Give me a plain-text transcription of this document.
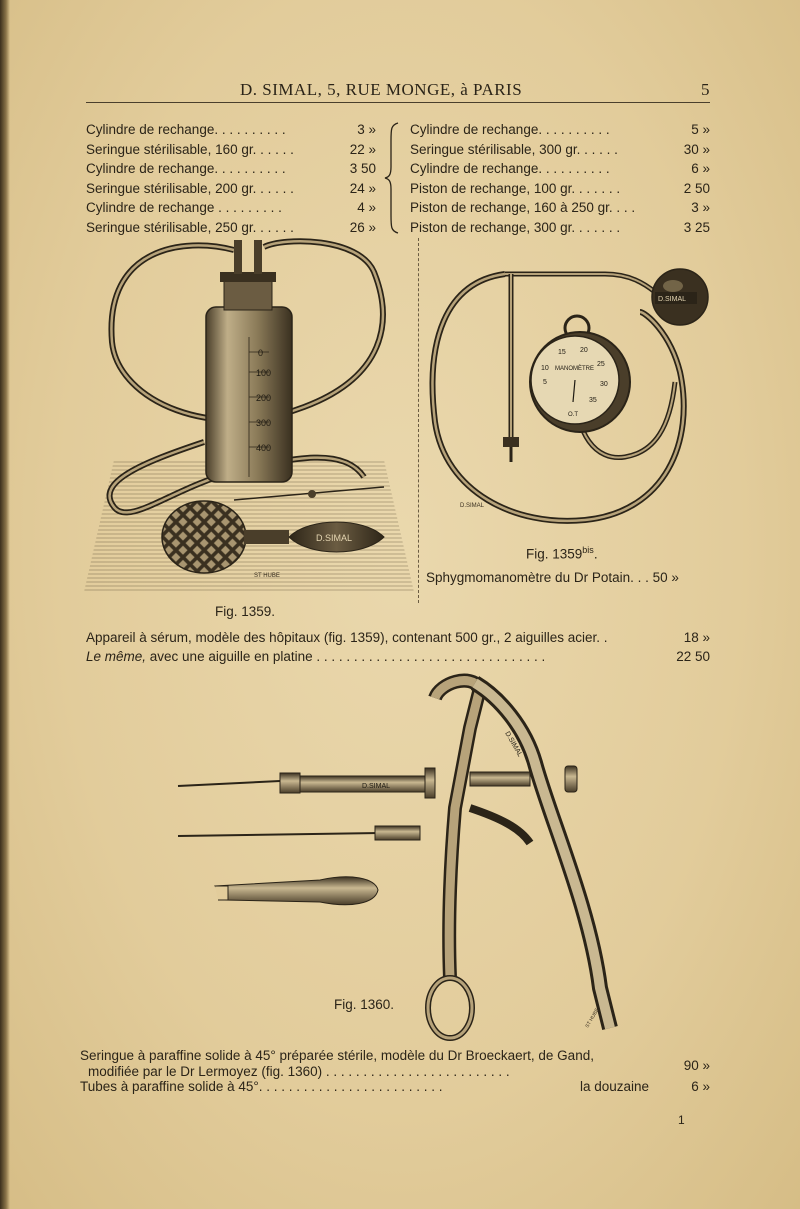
D. SIMAL, 5, RUE MONGE, à PARIS	5
Cylindre de rechange. . . . . . . . . .	3 »
Seringue stérilisable, 160 gr. . . . . .	22 »
Cylindre de rechange. . . . . . . . . .	3 50
Seringue stérilisable, 200 gr. . . . . .	24 »
Cylindre de rechange . . . . . . . . .	4 »
Seringue stérilisable, 250 gr. . . . . .	26 »
Cylindre de rechange. . . . . . . . . .	5 »
Seringue stérilisable, 300 gr. . . . . .	30 »
Cylindre de rechange. . . . . . . . . .	6 »
Piston de rechange, 100 gr. . . . . . .	2 50
Piston de rechange, 160 à 250 gr. . . .	3 »
Piston de rechange, 300 gr. . . . . . .	3 25
0
100
200
300
400
D.SIMAL
ST HUBE
Fig. 1359.
MANOMÈTRE
5
10
15 20
25
30
35
O.T
D.SIMAL
D.SIMAL
Fig. $1359^{bis}$.
Sphygmomanomètre du Dr Potain. . . 50 »
Appareil à sérum, modèle des hôpitaux (fig. 1359), contenant 500 gr., 2 aiguilles acier. .	18 »
Le même, avec une aiguille en platine . . . . . . . . . . . . . . . . . . . . . . . . . . . . . . .	22 50
D.SIMAL
D.SIMAL
ST HUBE
Fig. 1360.
Seringue à paraffine solide à 45° préparée stérile, modèle du Dr Broeckaert, de Gand,
modifiée par le Dr Lermoyez (fig. 1360) . . . . . . . . . . . . . . . . . . . . . . . . .	90 »
Tubes à paraffine solide à 45°. . . . . . . . . . . . . . . . . . . . . . . . .	la douzaine	6 »
1
